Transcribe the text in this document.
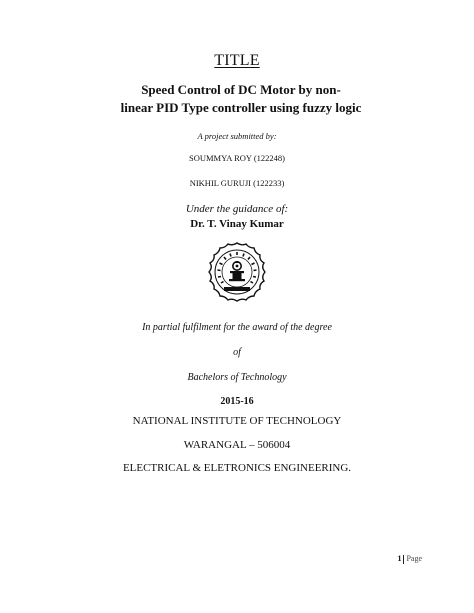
TITLE
Speed Control of DC Motor by non-
linear PID Type controller using fuzzy logic
A project submitted by:
SOUMMYA ROY (122248)
NIKHIL GURUJI (122233)
Under the guidance of:
Dr. T. Vinay Kumar
In partial fulfilment for the award of the degree
of
Bachelors of Technology
2015-16
NATIONAL INSTITUTE OF TECHNOLOGY
WARANGAL – 506004
ELECTRICAL & ELETRONICS ENGINEERING.
1 Page
